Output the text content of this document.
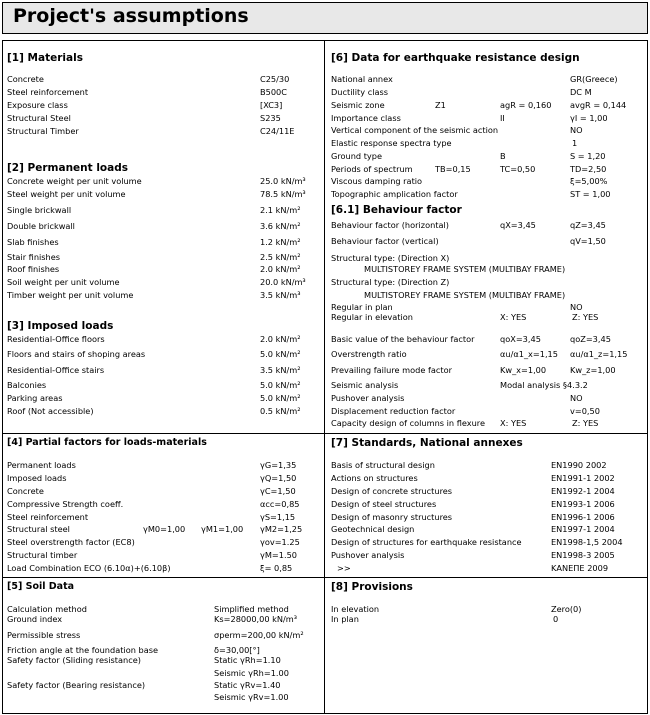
Project's assumptions
[1] Materials
Concrete	C25/30
Steel reinforcement	B500C
Exposure class	[XC3]
Structural Steel	S235
Structural Timber	C24/11E
[2] Permanent loads
Concrete weight per unit volume	25.0 kN/m³
Steel weight per unit volume	78.5 kN/m³
Single brickwall	2.1 kN/m²
Double brickwall	3.6 kN/m²
Slab finishes	1.2 kN/m²
Stair finishes	2.5 kN/m²
Roof finishes	2.0 kN/m²
Soil weight per unit volume	20.0 kN/m³
Timber weight per unit volume	3.5 kN/m³
[3] Imposed loads
Residential-Office floors	2.0 kN/m²
Floors and stairs of shoping areas	5.0 kN/m²
Residential-Office stairs	3.5 kN/m²
Balconies	5.0 kN/m²
Parking areas	5.0 kN/m²
Roof (Not accessible)	0.5 kN/m²
[4] Partial factors for loads-materials
Permanent loads	γG=1,35
Imposed loads	γQ=1,50
Concrete	γC=1,50
Compressive Strength coeff.	αcc=0,85
Steel reinforcement	γS=1,15
Structural steel	γM0=1,00 γM1=1,00 γM2=1,25
Steel overstrength factor (EC8)	γov=1.25
Structural timber	γM=1.50
Load Combination ECO (6.10α)+(6.10β)	ξ= 0,85
[5] Soil Data
Calculation method	Simplified method
Ground index	Ks=28000,00 kN/m³
Permissible stress	σperm=200,00 kN/m²
Friction angle at the foundation base	δ=30,00[°]
Safety factor (Sliding resistance)	Static γRh=1.10
Seismic γRh=1.00
Safety factor (Bearing resistance)	Static γRv=1.40
Seismic γRv=1.00
[6] Data for earthquake resistance design
National annex	GR(Greece)
Ductility class	DC M
Seismic zone	Z1	agR = 0,160 avgR = 0,144
Importance class	II	γI = 1,00
Vertical component of the seismic action	NO
Elastic response spectra type	1
Ground type	B	S = 1,20
Periods of spectrum	TB=0,15	TC=0,50	TD=2,50
Viscous damping ratio	ξ=5,00%
Topographic amplication factor	ST = 1,00
[6.1] Behaviour factor
Behaviour factor (horizontal)	qX=3,45	qZ=3,45
Behaviour factor (vertical)	qV=1,50
Structural type: (Direction X)
MULTISTOREY FRAME SYSTEM (MULTIBAY FRAME)
Structural type: (Direction Z)
MULTISTOREY FRAME SYSTEM (MULTIBAY FRAME)
Regular in plan	NO
Regular in elevation	X: YES	Z: YES
Basic value of the behaviour factor	qoX=3,45	qoZ=3,45
Overstrength ratio	αu/α1_x=1,15 αu/α1_z=1,15
Prevailing failure mode factor	Kw_x=1,00	Kw_z=1,00
Seismic analysis	Modal analysis §4.3.2
Pushover analysis	NO
Displacement reduction factor	v=0,50
Capacity design of columns in flexure X: YES	Z: YES
[7] Standards, National annexes
Basis of structural design	EN1990 2002
Actions on structures	EN1991-1 2002
Design of concrete structures	EN1992-1 2004
Design of steel structures	EN1993-1 2006
Design of masonry structures	EN1996-1 2006
Geotechnical design	EN1997-1 2004
Design of structures for earthquake resistance	EN1998-1,5 2004
Pushover analysis	EN1998-3 2005
>>	ΚΑΝΕΠΕ 2009
[8] Provisions
In elevation	Zero(0)
In plan	0
